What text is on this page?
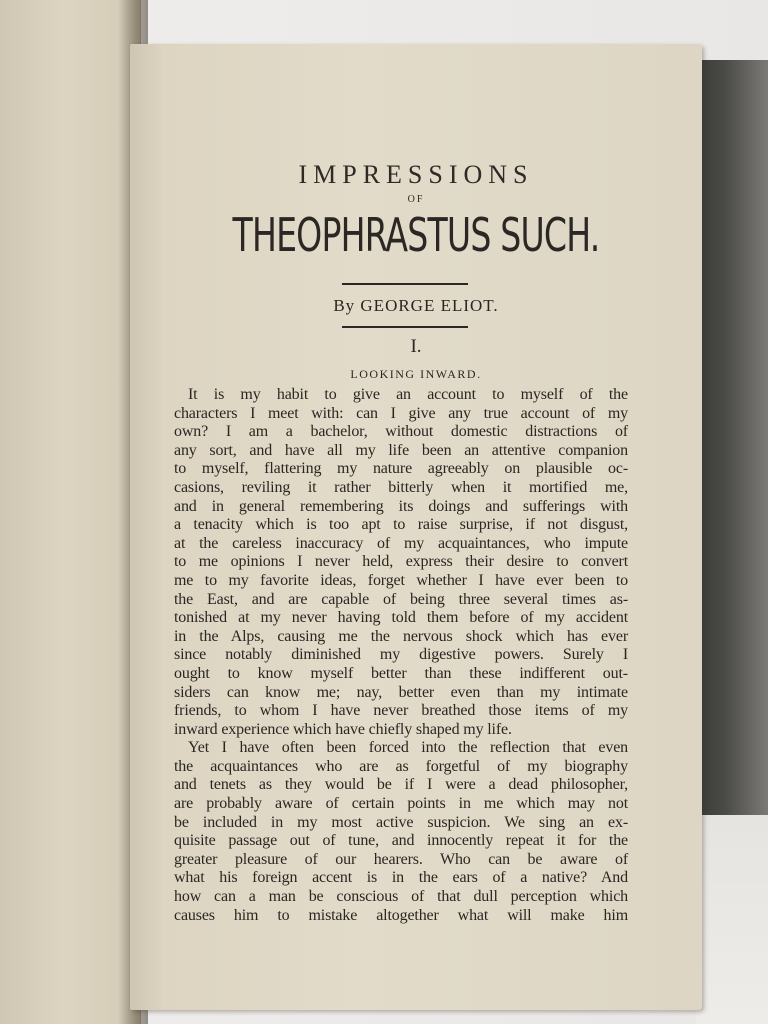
IMPRESSIONS
OF
THEOPHRASTUS SUCH.
By GEORGE ELIOT.
I.
LOOKING INWARD.
It is my habit to give an account to myself of the
characters I meet with: can I give any true account of my
own? I am a bachelor, without domestic distractions of
any sort, and have all my life been an attentive companion
to myself, flattering my nature agreeably on plausible oc-
casions, reviling it rather bitterly when it mortified me,
and in general remembering its doings and sufferings with
a tenacity which is too apt to raise surprise, if not disgust,
at the careless inaccuracy of my acquaintances, who impute
to me opinions I never held, express their desire to convert
me to my favorite ideas, forget whether I have ever been to
the East, and are capable of being three several times as-
tonished at my never having told them before of my accident
in the Alps, causing me the nervous shock which has ever
since notably diminished my digestive powers. Surely I
ought to know myself better than these indifferent out-
siders can know me; nay, better even than my intimate
friends, to whom I have never breathed those items of my
inward experience which have chiefly shaped my life.
Yet I have often been forced into the reflection that even
the acquaintances who are as forgetful of my biography
and tenets as they would be if I were a dead philosopher,
are probably aware of certain points in me which may not
be included in my most active suspicion. We sing an ex-
quisite passage out of tune, and innocently repeat it for the
greater pleasure of our hearers. Who can be aware of
what his foreign accent is in the ears of a native? And
how can a man be conscious of that dull perception which
causes him to mistake altogether what will make him
